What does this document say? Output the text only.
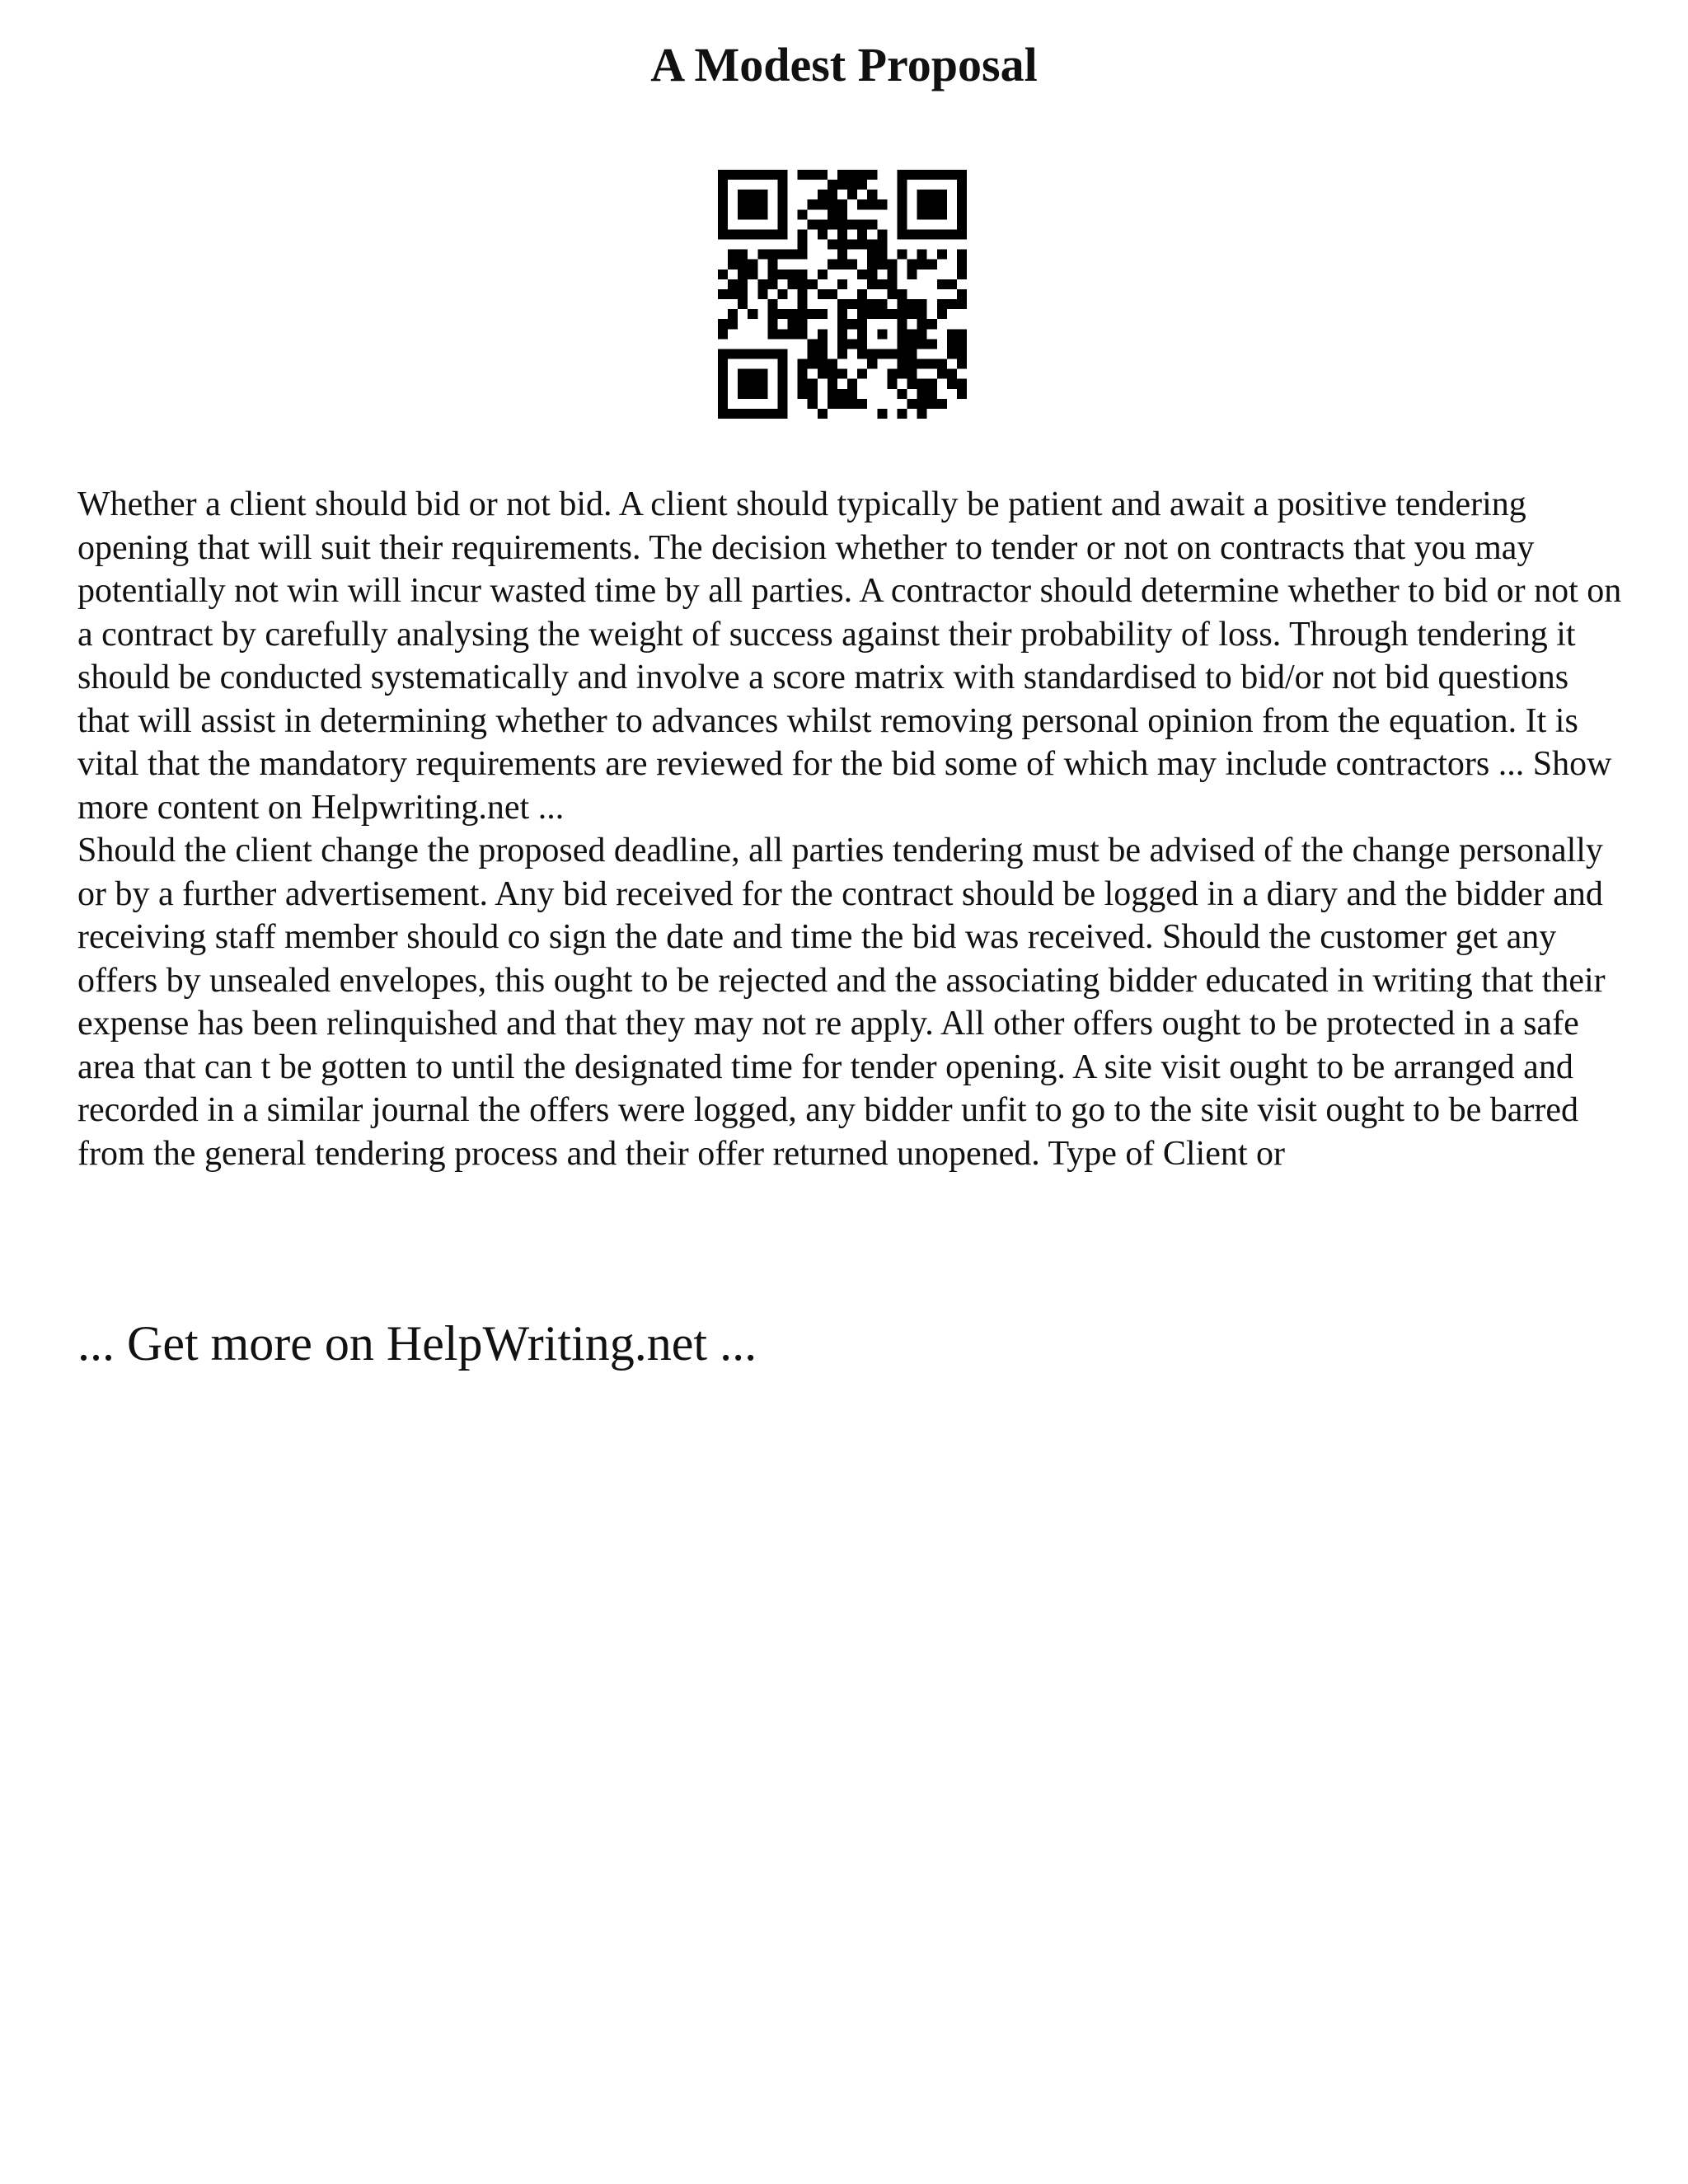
A Modest Proposal

Whether a client should bid or not bid. A client should typically be patient and await a positive tendering opening that will suit their requirements. The decision whether to tender or not on contracts that you may potentially not win will incur wasted time by all parties. A contractor should determine whether to bid or not on a contract by carefully analysing the weight of success against their probability of loss. Through tendering it should be conducted systematically and involve a score matrix with standardised to bid/or not bid questions that will assist in determining whether to advances whilst removing personal opinion from the equation. It is vital that the mandatory requirements are reviewed for the bid some of which may include contractors ... Show more content on Helpwriting.net ...

Should the client change the proposed deadline, all parties tendering must be advised of the change personally or by a further advertisement. Any bid received for the contract should be logged in a diary and the bidder and receiving staff member should co sign the date and time the bid was received. Should the customer get any offers by unsealed envelopes, this ought to be rejected and the associating bidder educated in writing that their expense has been relinquished and that they may not re apply. All other offers ought to be protected in a safe area that can t be gotten to until the designated time for tender opening. A site visit ought to be arranged and recorded in a similar journal the offers were logged, any bidder unfit to go to the site visit ought to be barred from the general tendering process and their offer returned unopened. Type of Client or

... Get more on HelpWriting.net ...
